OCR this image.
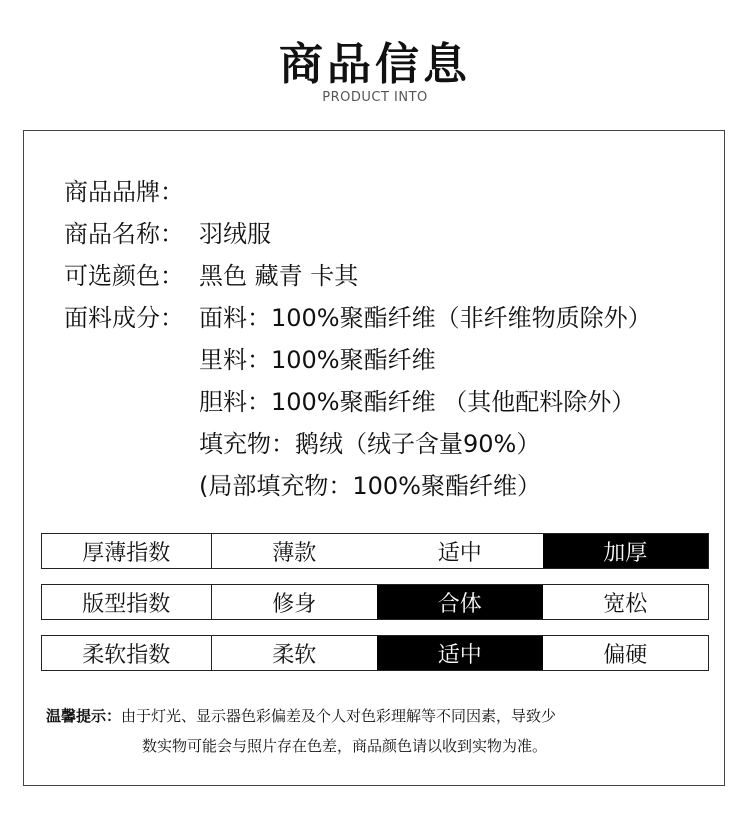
商品信息
PRODUCT INTO
商品品牌：
商品名称： 羽绒服
可选颜色： 黑色 藏青 卡其
面料成分： 面料：100%聚酯纤维（非纤维物质除外）
里料：100%聚酯纤维
胆料：100%聚酯纤维 （其他配料除外）
填充物：鹅绒（绒子含量90%）
(局部填充物：100%聚酯纤维）
厚薄指数	薄款	适中	加厚
版型指数	修身	合体	宽松
柔软指数	柔软	适中	偏硬
温馨提示：由于灯光、显示器色彩偏差及个人对色彩理解等不同因素，导致少
数实物可能会与照片存在色差，商品颜色请以收到实物为准。
